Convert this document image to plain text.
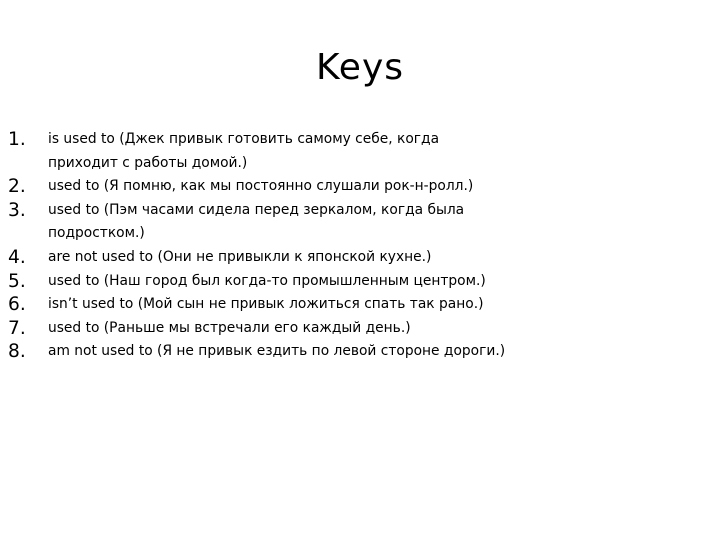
Keys
1.	is used to (Джек привык готовить самому себе, когда
приходит с работы домой.)
2.	used to (Я помню, как мы постоянно слушали рок-н-ролл.)
3.	used to (Пэм часами сидела перед зеркалом, когда была
подростком.)
4.	are not used to (Они не привыкли к японской кухне.)
5.	used to (Наш город был когда-то промышленным центром.)
6.	isn’t used to (Мой сын не привык ложиться спать так рано.)
7.	used to (Раньше мы встречали его каждый день.)
8.	am not used to (Я не привык ездить по левой стороне дороги.)
